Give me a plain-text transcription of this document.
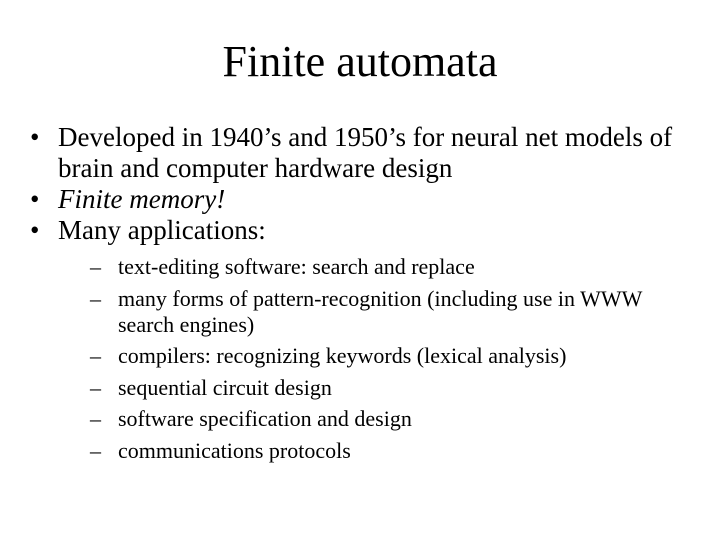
Finite automata
• Developed in 1940’s and 1950’s for neural net models of brain and computer hardware design
• Finite memory!
• Many applications:
– text-editing software: search and replace
– many forms of pattern-recognition (including use in WWW search engines)
– compilers: recognizing keywords (lexical analysis)
– sequential circuit design
– software specification and design
– communications protocols
